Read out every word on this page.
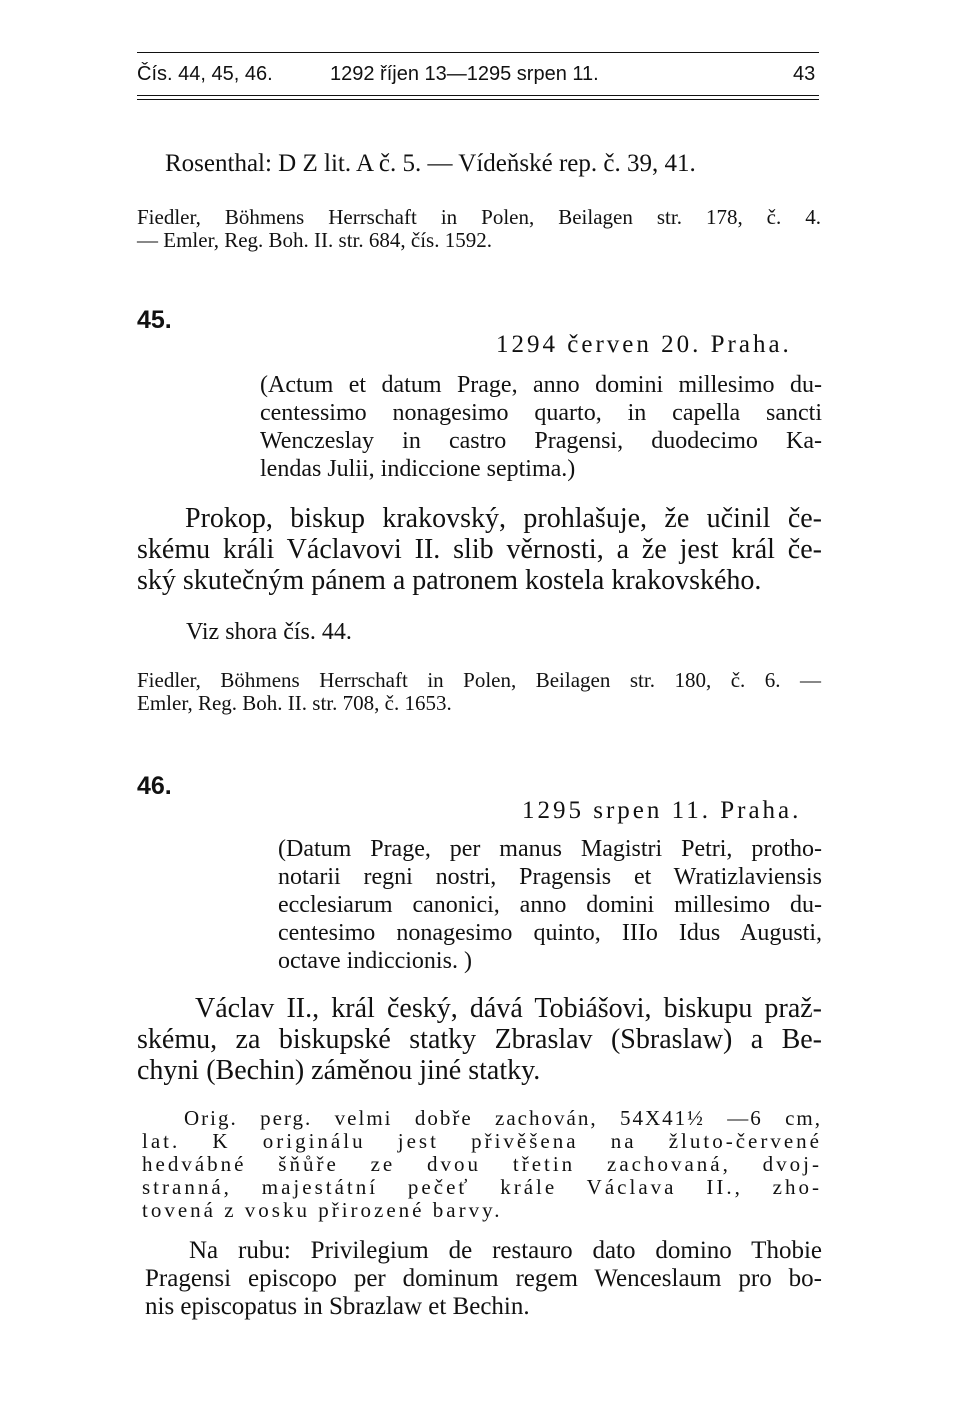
Čís. 44, 45, 46.	1292 říjen 13—1295 srpen 11.	43
Rosenthal: D Z lit. A č. 5. — Vídeňské rep. č. 39, 41.
Fiedler, Böhmens Herrschaft in Polen, Beilagen str. 178, č. 4.
— Emler, Reg. Boh. II. str. 684, čís. 1592.
45.
1294 červen 20. Praha.
(Actum et datum Prage, anno domini millesimo du-
centessimo nonagesimo quarto, in capella sancti
Wenczeslay in castro Pragensi, duodecimo Ka-
lendas Julii, indiccione septima.)
Prokop, biskup krakovský, prohlašuje, že učinil če-
skému králi Václavovi II. slib věrnosti, a že jest král če-
ský skutečným pánem a patronem kostela krakovského.
Viz shora čís. 44.
Fiedler, Böhmens Herrschaft in Polen, Beilagen str. 180, č. 6. —
Emler, Reg. Boh. II. str. 708, č. 1653.
46.
1295 srpen 11. Praha.
(Datum Prage, per manus Magistri Petri, protho-
notarii regni nostri, Pragensis et Wratizlaviensis
ecclesiarum canonici, anno domini millesimo du-
centesimo nonagesimo quinto, IIIo Idus Augusti,
octave indiccionis. )
Václav II., král český, dává Tobiášovi, biskupu praž-
skému, za biskupské statky Zbraslav (Sbraslaw) a Be-
chyni (Bechin) záměnou jiné statky.
Orig. perg. velmi dobře zachován, 54X41½ —6 cm,
lat. K originálu jest přivěšena na žluto-červené
hedvábné šňůře ze dvou třetin zachovaná, dvoj-
stranná, majestátní pečeť krále Václava II., zho-
tovená z vosku přirozené barvy.
Na rubu: Privilegium de restauro dato domino Thobie
Pragensi episcopo per dominum regem Wenceslaum pro bo-
nis episcopatus in Sbrazlaw et Bechin.
